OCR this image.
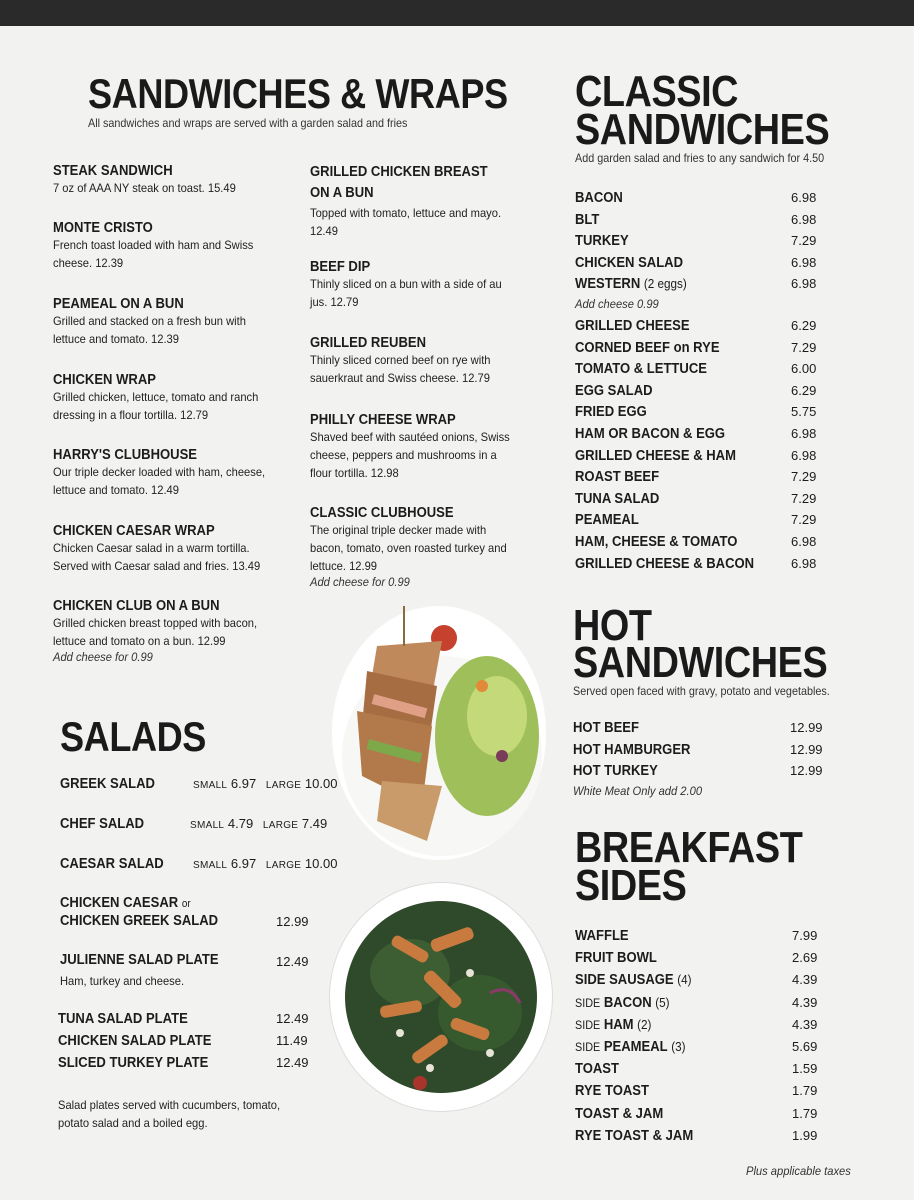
SANDWICHES & WRAPS
All sandwiches and wraps are served with a garden salad and fries
STEAK SANDWICH
7 oz of AAA NY steak on toast. 15.49
MONTE CRISTO
French toast loaded with ham and Swiss cheese. 12.39
PEAMEAL ON A BUN
Grilled and stacked on a fresh bun with lettuce and tomato. 12.39
CHICKEN WRAP
Grilled chicken, lettuce, tomato and ranch dressing in a flour tortilla. 12.79
HARRY'S CLUBHOUSE
Our triple decker loaded with ham, cheese, lettuce and tomato. 12.49
CHICKEN CAESAR WRAP
Chicken Caesar salad in a warm tortilla. Served with Caesar salad and fries. 13.49
CHICKEN CLUB ON A BUN
Grilled chicken breast topped with bacon, lettuce and tomato on a bun. 12.99
Add cheese for 0.99
GRILLED CHICKEN BREAST ON A BUN
Topped with tomato, lettuce and mayo. 12.49
BEEF DIP
Thinly sliced on a bun with a side of au jus. 12.79
GRILLED REUBEN
Thinly sliced corned beef on rye with sauerkraut and Swiss cheese. 12.79
PHILLY CHEESE WRAP
Shaved beef with sautéed onions, Swiss cheese, peppers and mushrooms in a flour tortilla. 12.98
CLASSIC CLUBHOUSE
The original triple decker made with bacon, tomato, oven roasted turkey and lettuce. 12.99
Add cheese for 0.99
SALADS
GREEK SALAD	SMALL 6.97 LARGE 10.00
CHEF SALAD	SMALL 4.79 LARGE 7.49
CAESAR SALAD	SMALL 6.97 LARGE 10.00
CHICKEN CAESAR or
CHICKEN GREEK SALAD	12.99
JULIENNE SALAD PLATE	12.49
Ham, turkey and cheese.
TUNA SALAD PLATE	12.49
CHICKEN SALAD PLATE	11.49
SLICED TURKEY PLATE	12.49
Salad plates served with cucumbers, tomato, potato salad and a boiled egg.
CLASSIC
SANDWICHES
Add garden salad and fries to any sandwich for 4.50
BACON	6.98
BLT	6.98
TURKEY	7.29
CHICKEN SALAD	6.98
WESTERN (2 eggs)	6.98
Add cheese 0.99
GRILLED CHEESE	6.29
CORNED BEEF on RYE	7.29
TOMATO & LETTUCE	6.00
EGG SALAD	6.29
FRIED EGG	5.75
HAM OR BACON & EGG	6.98
GRILLED CHEESE & HAM	6.98
ROAST BEEF	7.29
TUNA SALAD	7.29
PEAMEAL	7.29
HAM, CHEESE & TOMATO	6.98
GRILLED CHEESE & BACON	6.98
HOT
SANDWICHES
Served open faced with gravy, potato and vegetables.
HOT BEEF	12.99
HOT HAMBURGER	12.99
HOT TURKEY	12.99
White Meat Only add 2.00
BREAKFAST
SIDES
WAFFLE	7.99
FRUIT BOWL	2.69
SIDE SAUSAGE (4)	4.39
SIDE BACON (5)	4.39
SIDE HAM (2)	4.39
SIDE PEAMEAL (3)	5.69
TOAST	1.59
RYE TOAST	1.79
TOAST & JAM	1.79
RYE TOAST & JAM	1.99
Plus applicable taxes
